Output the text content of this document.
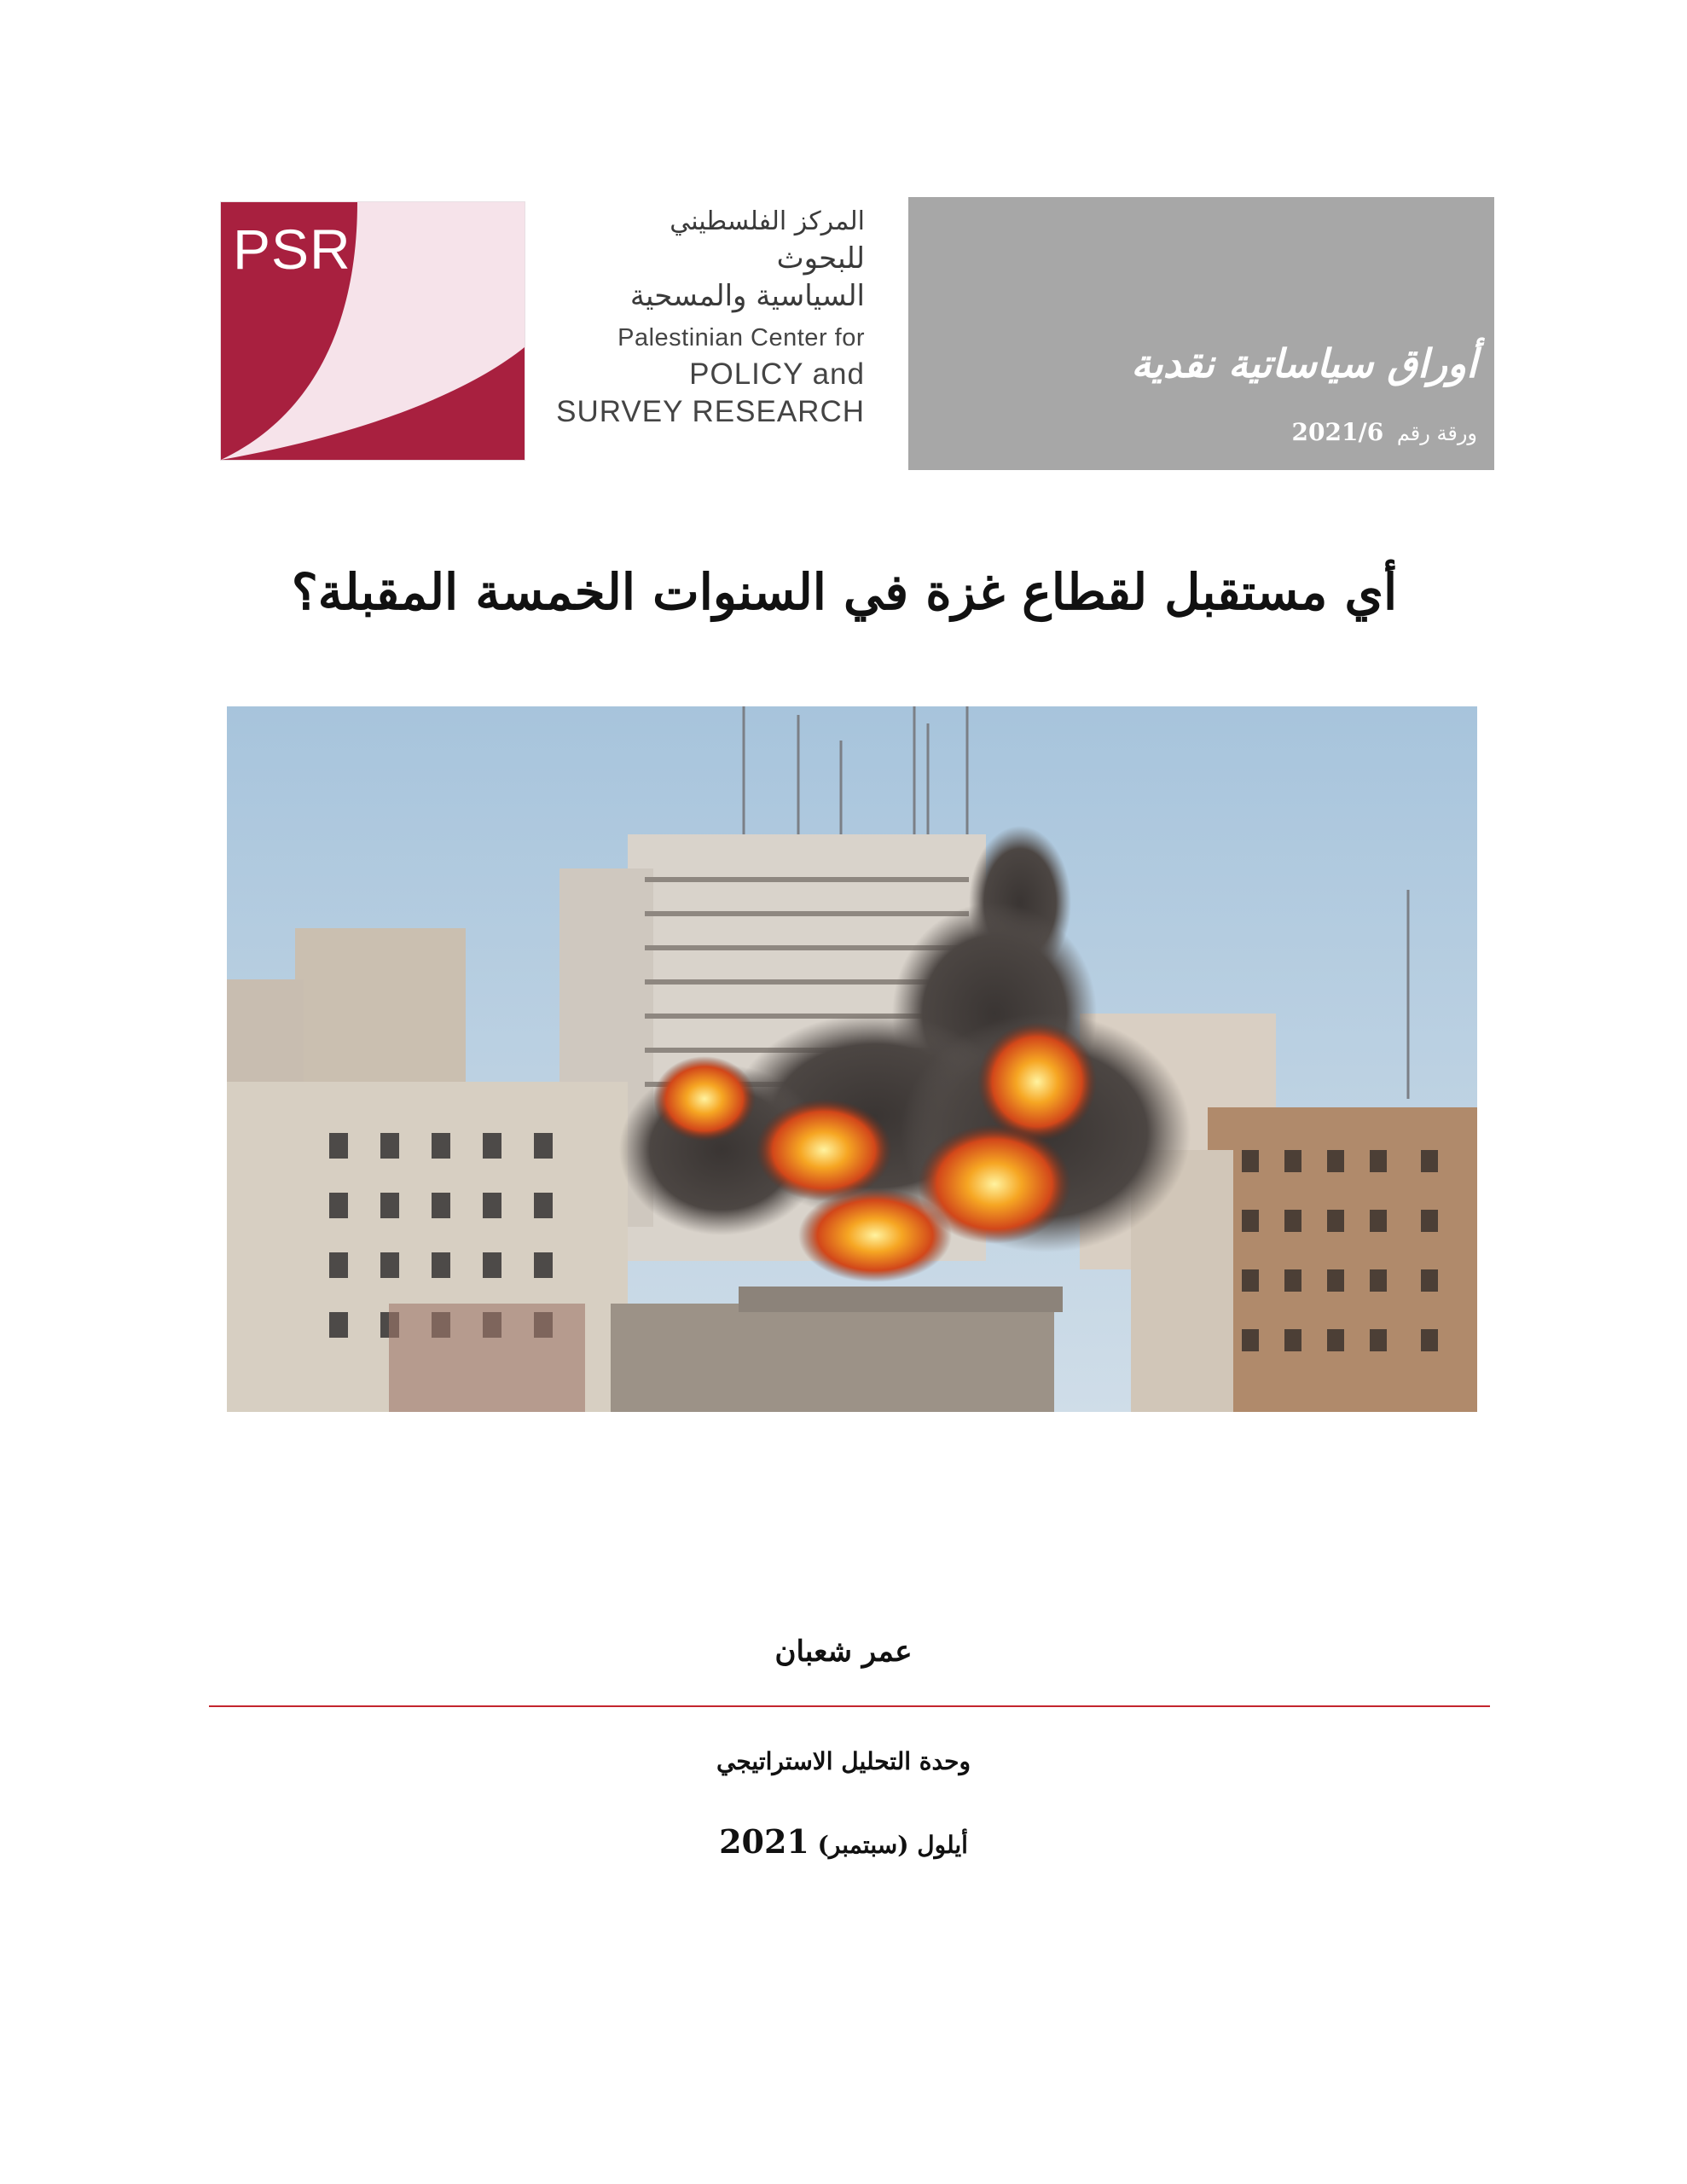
PSR	المركز الفلسطيني
للبحوث
السياسية والمسحية
Palestinian Center for
POLICY and
SURVEY RESEARCH
أوراق سياساتية نقدية
ورقة رقم 2021/6
أي مستقبل لقطاع غزة في السنوات الخمسة المقبلة؟
عمر شعبان
وحدة التحليل الاستراتيجي
أيلول (سبتمبر) 2021
